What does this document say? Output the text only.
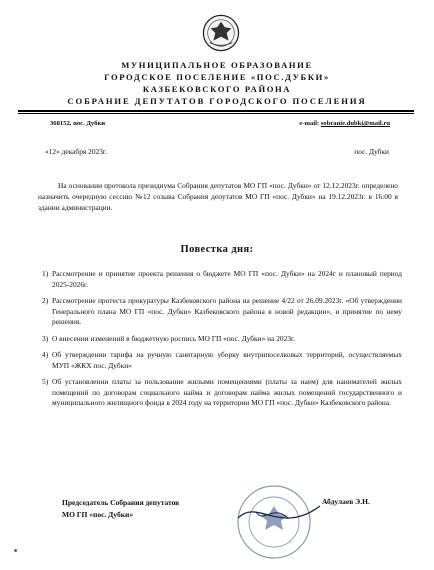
МУНИЦИПАЛЬНОЕ ОБРАЗОВАНИЕ
ГОРОДСКОЕ ПОСЕЛЕНИЕ «ПОС.ДУБКИ»
КАЗБЕКОВСКОГО РАЙОНА
СОБРАНИЕ ДЕПУТАТОВ ГОРОДСКОГО ПОСЕЛЕНИЯ
368152, пос. Дубки	e-mail: sobranie.dubki@mail.ru
«12» декабря 2023г.	пос. Дубки
На основании протокола президиума Собрания депутатов МО ГП «пос. Дубки» от 12.12.2023г. определено назначить очередную сессию №12 созыва Собрания депутатов МО ГП «пос. Дубки» на 19.12.2023г. в 16:00 в здании администрации.
Повестка дня:
1) Рассмотрение и принятие проекта решения о бюджете МО ГП «пос. Дубки» на 2024г и плановый период 2025-2026г.
2) Рассмотрение протеста прокуратуры Казбековского района на решение 4/22 от 26.09.2023г. «Об утверждении Генерального плана МО ГП «пос. Дубки» Казбековского района в новой редакции», и принятие по нему решения.
3) О внесении изменений в бюджетную роспись МО ГП «пос. Дубки» на 2023г.
4) Об утверждении тарифа на ручную санитарную уборку внутрипоселковых территорий, осуществляемых МУП «ЖКХ пос. Дубки»
5) Об установлении платы за пользование жилыми помещениями (платы за наем) для нанимателей жилых помещений по договорам социального найма и договорам найма жилых помещений государственного и муниципального жилищного фонда в 2024 году на территории МО ГП «пос. Дубки» Казбековского района.
Председатель Собрания депутатов
МО ГП «пос. Дубки»
Абдулаев Э.Н.
